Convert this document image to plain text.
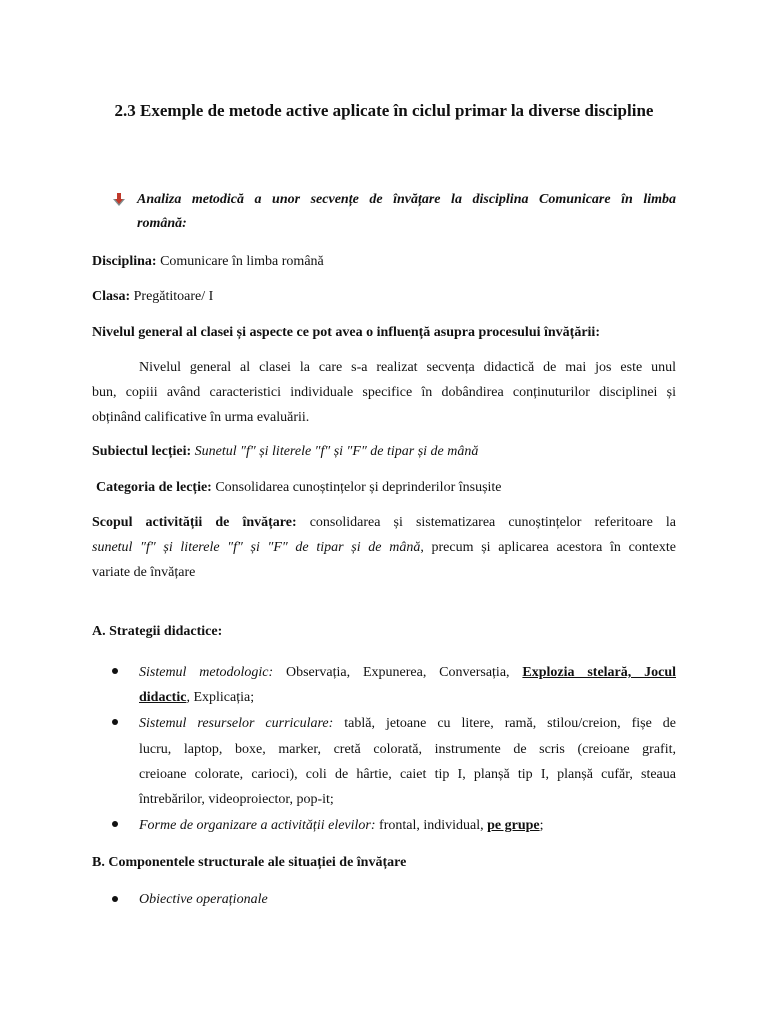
2.3 Exemple de metode active aplicate în ciclul primar la diverse discipline
Analiza metodică a unor secvențe de învățare la disciplina Comunicare în limba
română:
Disciplina: Comunicare în limba română
Clasa: Pregătitoare/ I
Nivelul general al clasei și aspecte ce pot avea o influență asupra procesului învățării:
Nivelul general al clasei la care s-a realizat secvența didactică de mai jos este unul
bun, copiii având caracteristici individuale specifice în dobândirea conținuturilor disciplinei și
obținând calificative în urma evaluării.
Subiectul lecției: Sunetul ″f″ și literele ″f″ și ″F″ de tipar și de mână
Categoria de lecție: Consolidarea cunoștințelor și deprinderilor însușite
Scopul activității de învățare: consolidarea și sistematizarea cunoștințelor referitoare la
sunetul ″f″ și literele ″f″ și ″F″ de tipar și de mână, precum și aplicarea acestora în contexte
variate de învățare
A. Strategii didactice:
Sistemul metodologic: Observația, Expunerea, Conversația, Explozia stelară, Jocul
didactic, Explicația;
Sistemul resurselor curriculare: tablă, jetoane cu litere, ramă, stilou/creion, fișe de
lucru, laptop, boxe, marker, cretă colorată, instrumente de scris (creioane grafit,
creioane colorate, carioci), coli de hârtie, caiet tip I, planșă tip I, planșă cufăr, steaua
întrebărilor, videoproiector, pop-it;
Forme de organizare a activității elevilor: frontal, individual, pe grupe;
B. Componentele structurale ale situației de învățare
Obiective operaționale
